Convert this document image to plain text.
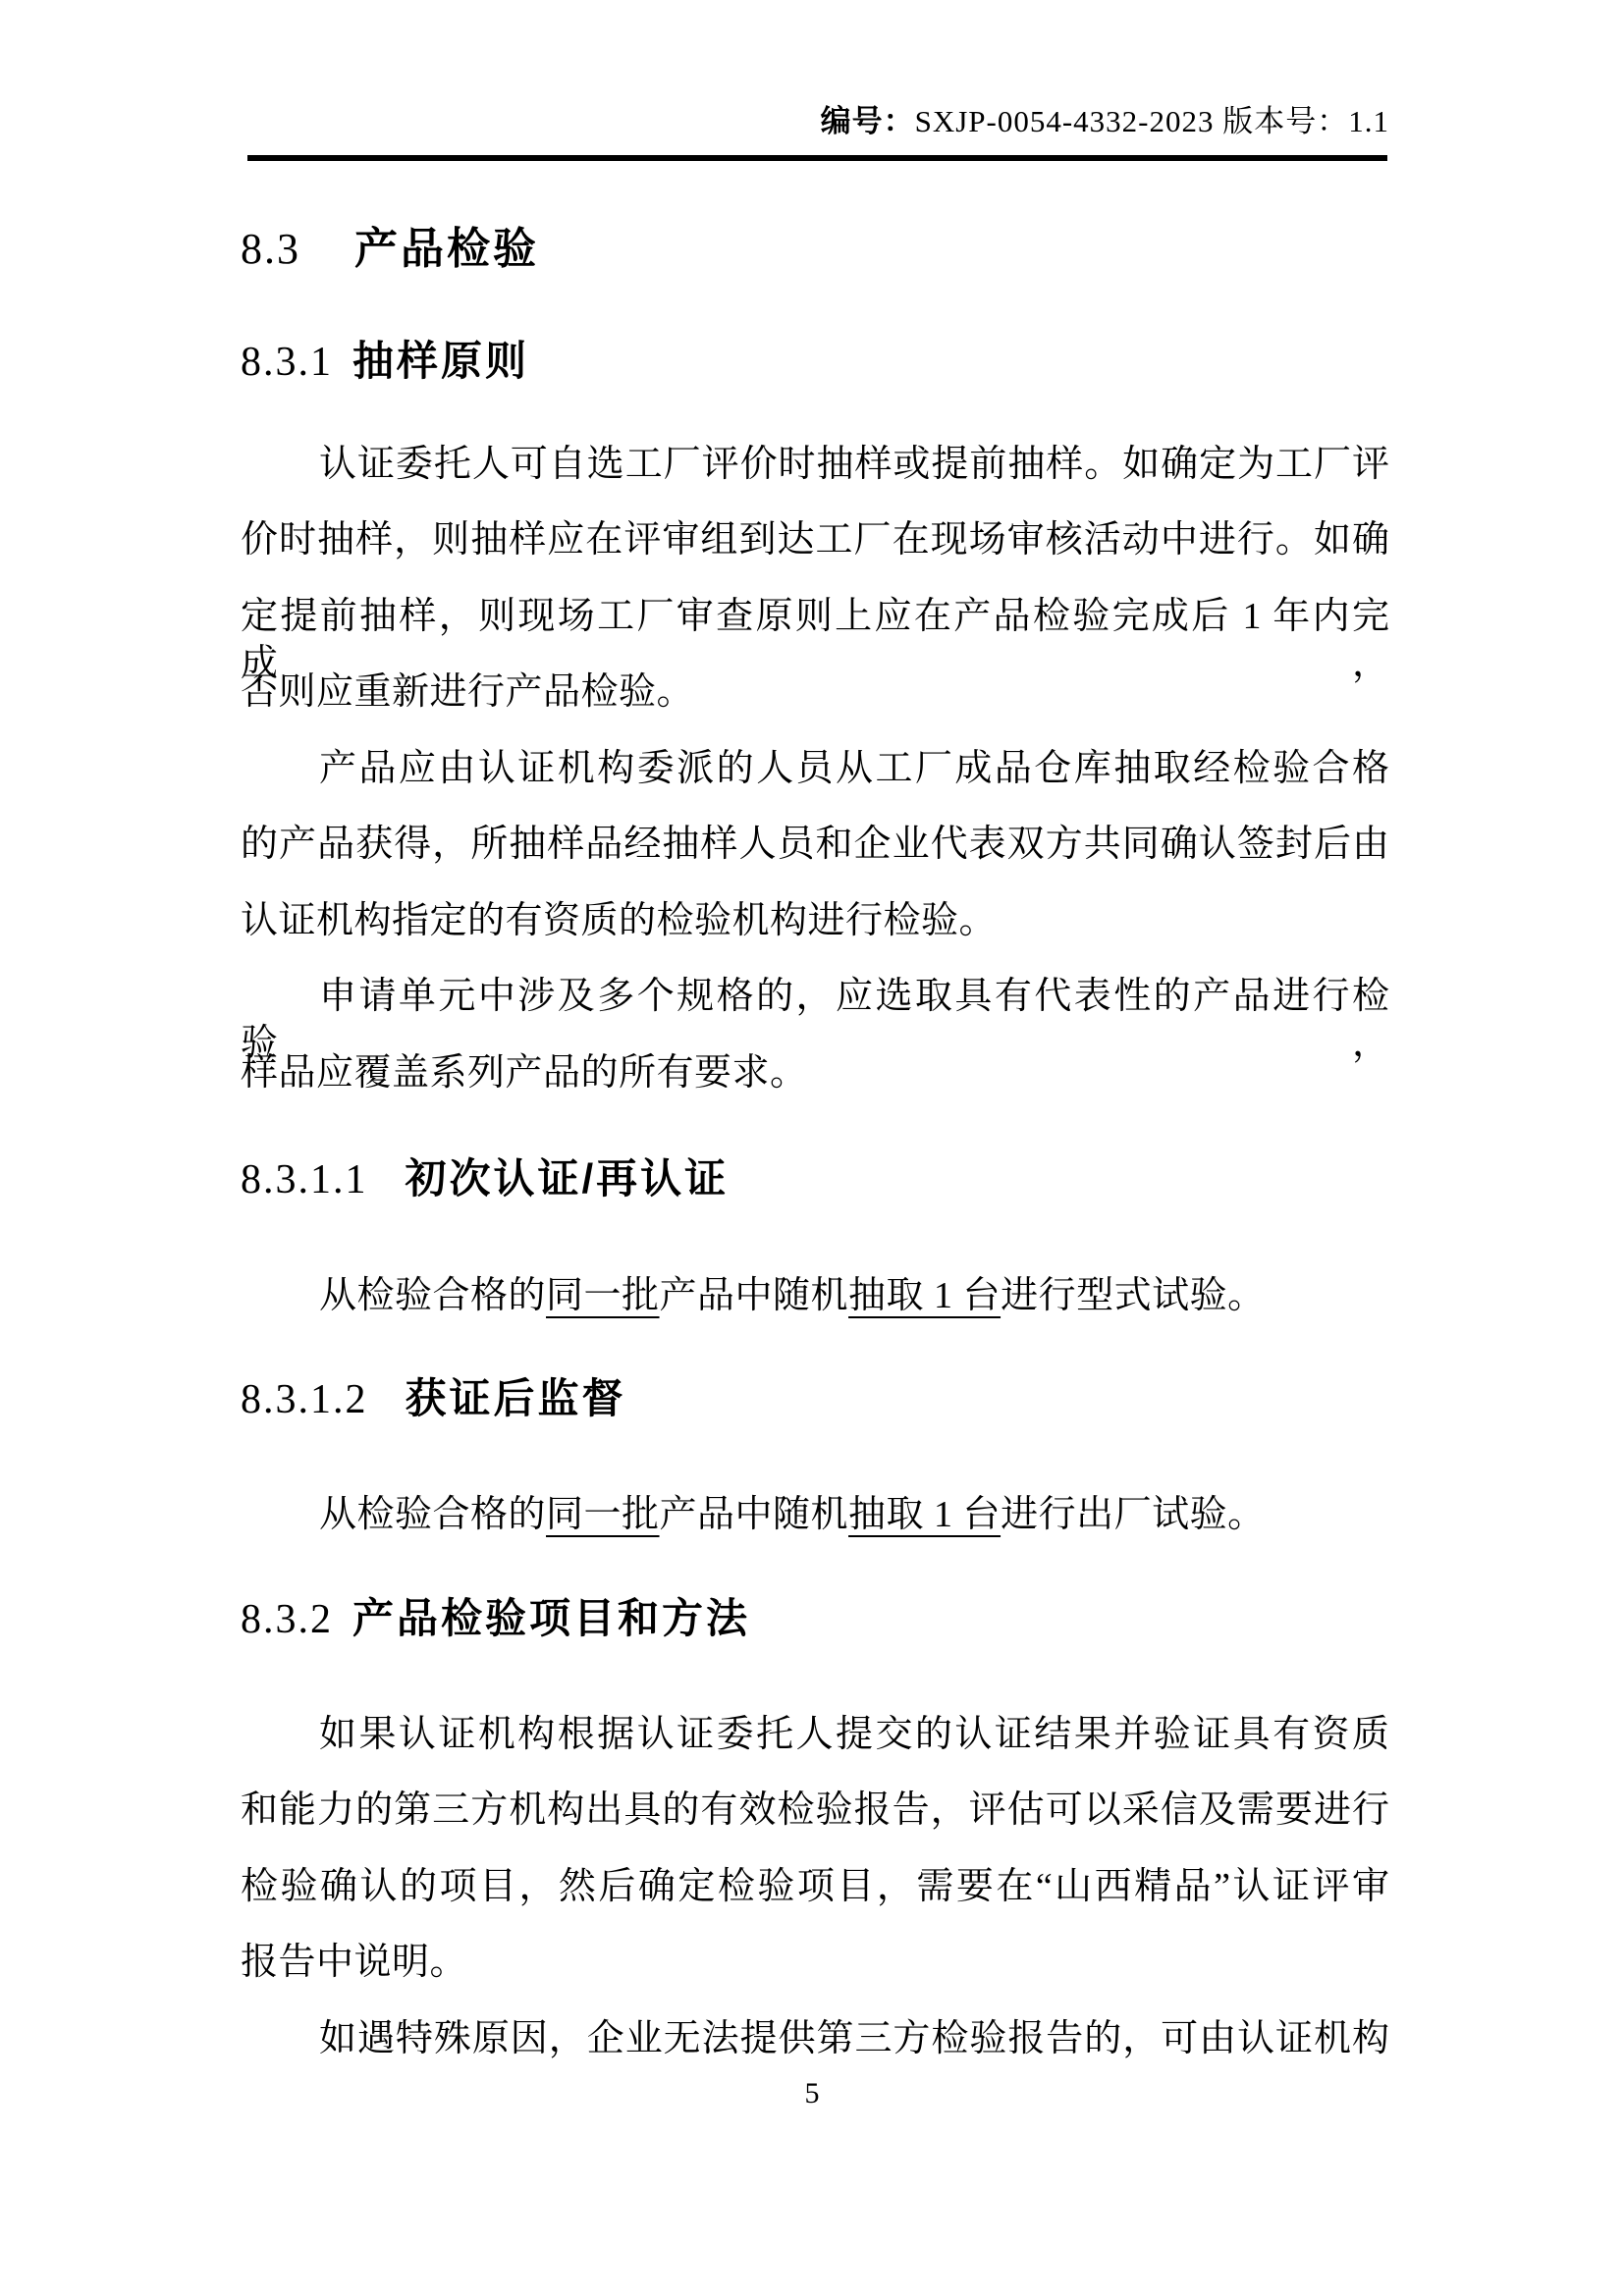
编号：SXJP-0054-4332-2023 版本号：1.1
8.3 产品检验
8.3.1 抽样原则
认证委托人可自选工厂评价时抽样或提前抽样。如确定为工厂评
价时抽样，则抽样应在评审组到达工厂在现场审核活动中进行。如确
定提前抽样，则现场工厂审查原则上应在产品检验完成后 1 年内完成，
否则应重新进行产品检验。
产品应由认证机构委派的人员从工厂成品仓库抽取经检验合格
的产品获得，所抽样品经抽样人员和企业代表双方共同确认签封后由
认证机构指定的有资质的检验机构进行检验。
申请单元中涉及多个规格的，应选取具有代表性的产品进行检验，
样品应覆盖系列产品的所有要求。
8.3.1.1 初次认证/再认证
从检验合格的同一批产品中随机抽取 1 台进行型式试验。
8.3.1.2 获证后监督
从检验合格的同一批产品中随机抽取 1 台进行出厂试验。
8.3.2 产品检验项目和方法
如果认证机构根据认证委托人提交的认证结果并验证具有资质
和能力的第三方机构出具的有效检验报告，评估可以采信及需要进行
检验确认的项目，然后确定检验项目，需要在“山西精品”认证评审
报告中说明。
如遇特殊原因，企业无法提供第三方检验报告的，可由认证机构
5
